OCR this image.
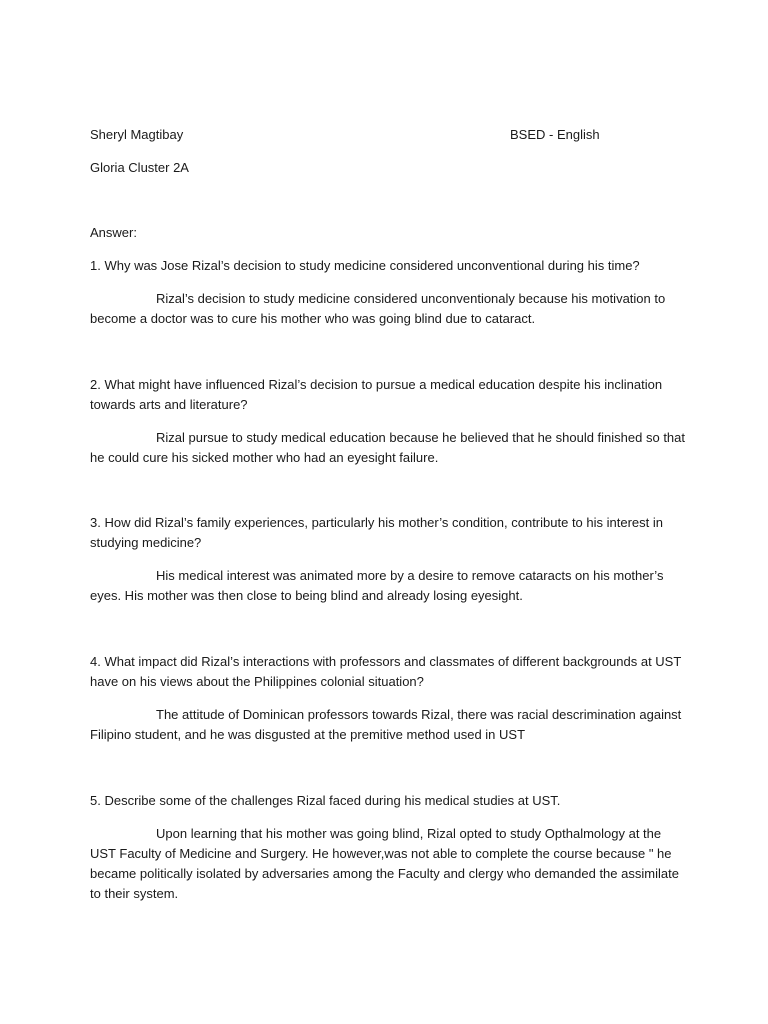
Sheryl Magtibay	BSED - English

Gloria Cluster 2A

Answer:

1. Why was Jose Rizal’s decision to study medicine considered unconventional during his time?

Rizal’s decision to study medicine considered unconventionaly because his motivation to become a doctor was to cure his mother who was going blind due to cataract.

2. What might have influenced Rizal’s decision to pursue a medical education despite his inclination towards arts and literature?

Rizal pursue to study medical education because he believed that he should finished so that he could cure his sicked mother who had an eyesight failure.

3. How did Rizal’s family experiences, particularly his mother’s condition, contribute to his interest in studying medicine?

His medical interest was animated more by a desire to remove cataracts on his mother’s eyes. His mother was then close to being blind and already losing eyesight.

4. What impact did Rizal’s interactions with professors and classmates of different backgrounds at UST have on his views about the Philippines colonial situation?

The attitude of Dominican professors towards Rizal, there was racial descrimination against Filipino student, and he was disgusted at the premitive method used in UST

5. Describe some of the challenges Rizal faced during his medical studies at UST.

Upon learning that his mother was going blind, Rizal opted to study Opthalmology at the UST Faculty of Medicine and Surgery. He however,was not able to complete the course because " he became politically isolated by adversaries among the Faculty and clergy who demanded the assimilate to their system.
